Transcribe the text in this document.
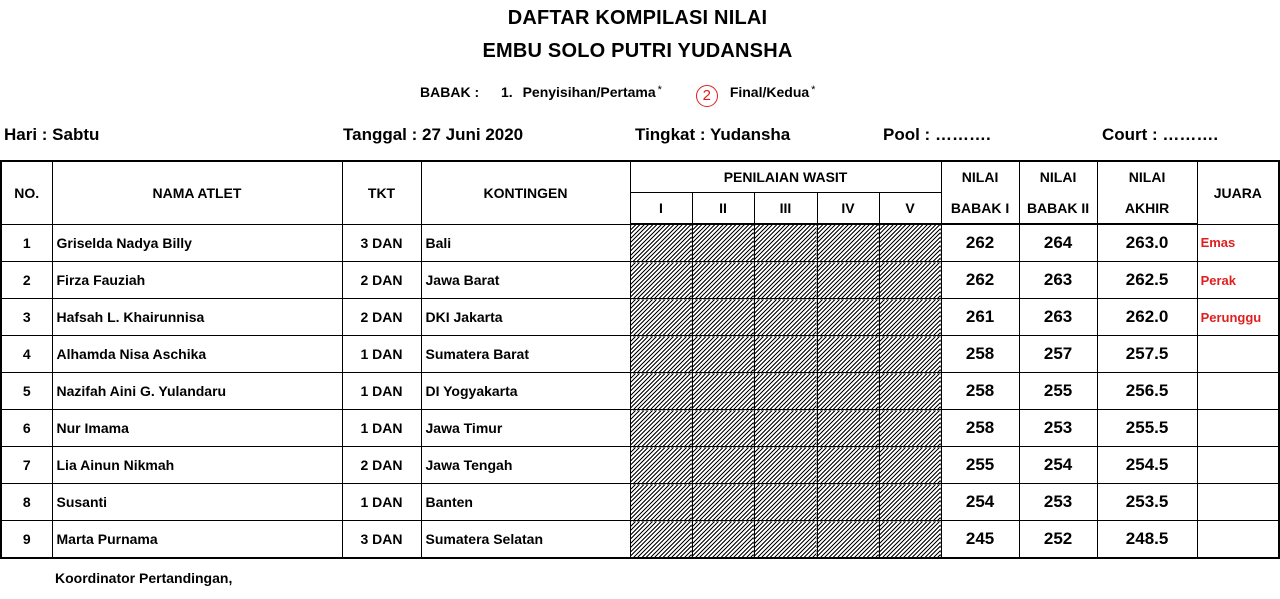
DAFTAR KOMPILASI NILAI
EMBU SOLO PUTRI YUDANSHA
BABAK : 1. Penyisihan/Pertama *	2 Final/Kedua *
Hari : Sabtu	Tanggal : 27 Juni 2020	Tingkat : Yudansha	Pool : ……….	Court : ……….
NO.	NAMA ATLET	TKT	KONTINGEN	PENILAIAN WASIT					NILAI	NILAI	NILAI	JUARA
				I	II	III	IV	V	BABAK I	BABAK II	AKHIR	
1	Griselda Nadya Billy	3 DAN	Bali						262	264	263.0	Emas
2	Firza Fauziah	2 DAN	Jawa Barat						262	263	262.5	Perak
3	Hafsah L. Khairunnisa	2 DAN	DKI Jakarta						261	263	262.0	Perunggu
4	Alhamda Nisa Aschika	1 DAN	Sumatera Barat						258	257	257.5	
5	Nazifah Aini G. Yulandaru	1 DAN	DI Yogyakarta						258	255	256.5	
6	Nur Imama	1 DAN	Jawa Timur						258	253	255.5	
7	Lia Ainun Nikmah	2 DAN	Jawa Tengah						255	254	254.5	
8	Susanti	1 DAN	Banten						254	253	253.5	
9	Marta Purnama	3 DAN	Sumatera Selatan						245	252	248.5	
Koordinator Pertandingan,
